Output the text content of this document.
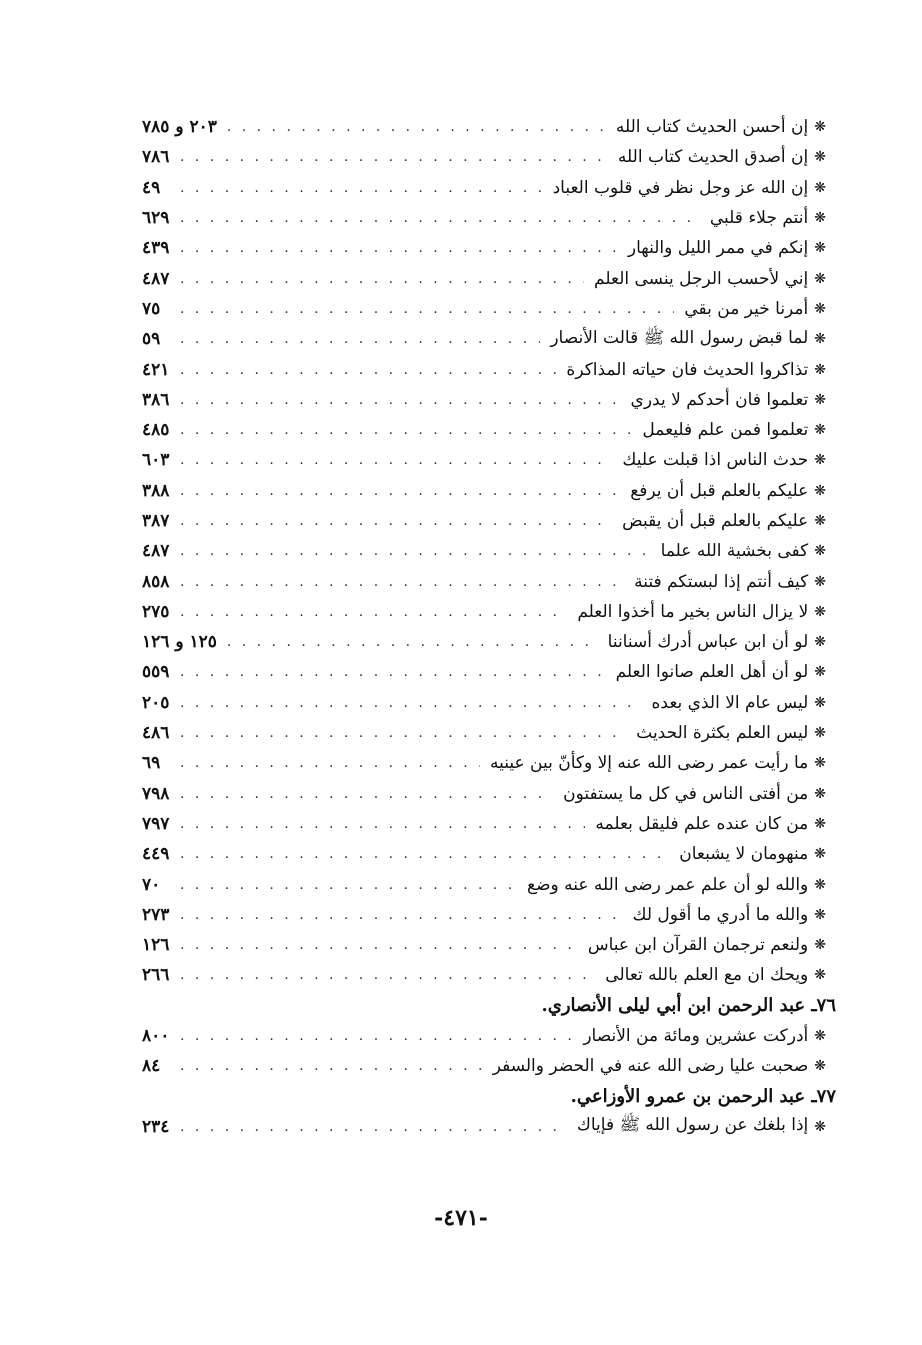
❋
إن أحسن الحديث كتاب الله
. . .
٢٠٣ و ٧٨٥
❋
إن أصدق الحديث كتاب الله
. . .
٧٨٦
❋
إن الله عز وجل نظر في قلوب العباد
. . .
٤٩
❋
أنتم جلاء قلبي
. . .
٦٢٩
❋
إنكم في ممر الليل والنهار
. . .
٤٣٩
❋
إني لأحسب الرجل ينسى العلم
. . .
٤٨٧
❋
أمرنا خير من بقي
. . .
٧٥
❋
لما قبض رسول الله ﷺ قالت الأنصار
. . .
٥٩
❋
تذاكروا الحديث فان حياته المذاكرة
. . .
٤٢١
❋
تعلموا فان أحدكم لا يدري
. . .
٣٨٦
❋
تعلموا فمن علم فليعمل
. . .
٤٨٥
❋
حدث الناس اذا قبلت عليك
. . .
٦٠٣
❋
عليكم بالعلم قبل أن يرفع
. . .
٣٨٨
❋
عليكم بالعلم قبل أن يقبض
. . .
٣٨٧
❋
كفى بخشية الله علما
. . .
٤٨٧
❋
كيف أنتم إذا لبستكم فتنة
. . .
٨٥٨
❋
لا يزال الناس بخير ما أخذوا العلم
. . .
٢٧٥
❋
لو أن ابن عباس أدرك أسناننا
. . .
١٢٥ و ١٢٦
❋
لو أن أهل العلم صانوا العلم
. . .
٥٥٩
❋
ليس عام الا الذي بعده
. . .
٢٠٥
❋
ليس العلم بكثرة الحديث
. . .
٤٨٦
❋
ما رأيت عمر رضى الله عنه إلا وكأنّ بين عينيه
. . .
٦٩
❋
من أفتى الناس في كل ما يستفتون
. . .
٧٩٨
❋
من كان عنده علم فليقل بعلمه
. . .
٧٩٧
❋
منهومان لا يشبعان
. . .
٤٤٩
❋
والله لو أن علم عمر رضى الله عنه وضع
. . .
٧٠
❋
والله ما أدري ما أقول لك
. . .
٢٧٣
❋
ولنعم ترجمان القرآن ابن عباس
. . .
١٢٦
❋
ويحك ان مع العلم بالله تعالى
. . .
٢٦٦
٧٦ـ عبد الرحمن ابن أبي ليلى الأنصاري.
❋
أدركت عشرين ومائة من الأنصار
. . .
٨٠٠
❋
صحبت عليا رضى الله عنه في الحضر والسفر
. . .
٨٤
٧٧ـ عبد الرحمن بن عمرو الأوزاعي.
❋
إذا بلغك عن رسول الله ﷺ فإياك
. . .
٢٣٤
-٤٧١-
